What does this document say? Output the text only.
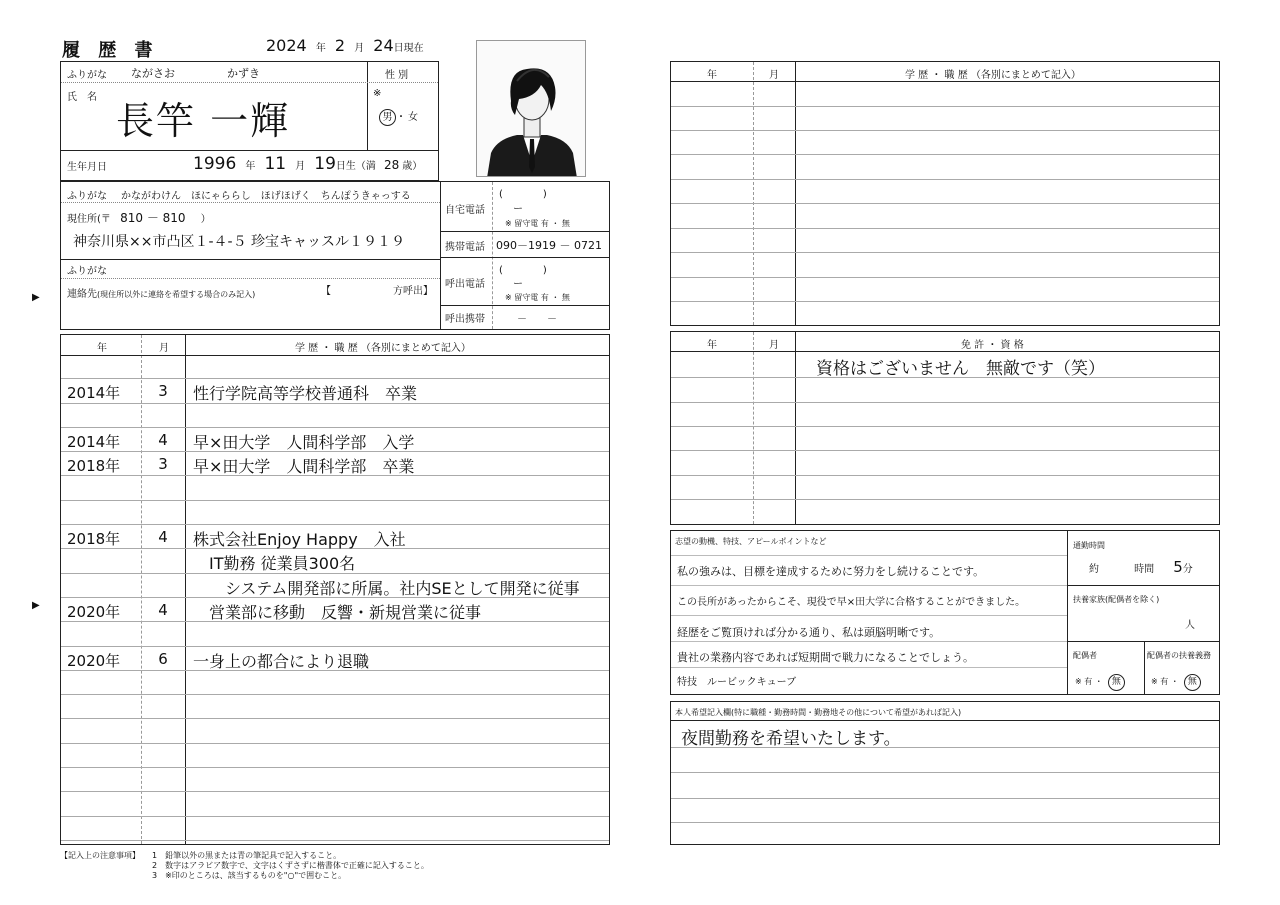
履 歴 書	2024 年 2 月 24日現在
ふりがな ながさお	かずき	性 別
氏　名
長竿 一輝
※
男 ・ 女
生年月日	1996 年 11 月 19日生（満 28 歳）
ふりがな かながわけん　ほにゃららし　ほげほげく　ちんぽうきゃっする
現住所(〒 810 － 810 ）
神奈川県××市凸区１-４-５ 珍宝キャッスル１９１９
ふりがな
連絡先(現住所以外に連絡を希望する場合のみ記入)	【	方呼出】
自宅電話
(　　　　)
ー
※ 留守電 有 ・ 無
携帯電話 090－1919 － 0721
呼出電話
(　　　　)
ー
※ 留守電 有 ・ 無
呼出携帯	－　　－
▶
▶
年	月	学 歴 ・ 職 歴 （各別にまとめて記入）
2014年	3	性行学院高等学校普通科　卒業
2014年	4	早×田大学　人間科学部　入学
2018年	3	早×田大学　人間科学部　卒業
2018年	4	株式会社Enjoy Happy　入社
　IT勤務 従業員300名
　　システム開発部に所属。社内SEとして開発に従事
2020年	4	　営業部に移動　反響・新規営業に従事
2020年	6	一身上の都合により退職
【記入上の注意事項】 1　鉛筆以外の黒または青の筆記具で記入すること。
2　数字はアラビア数字で、文字はくずさずに楷書体で正確に記入すること。
3　※印のところは、該当するものを"○"で囲むこと。
年	月	学 歴 ・ 職 歴 （各別にまとめて記入）
年	月	免 許 ・ 資 格
資格はございません　無敵です（笑）
志望の動機、特技、アピールポイントなど
私の強みは、目標を達成するために努力をし続けることです。
この長所があったからこそ、現役で早×田大学に合格することができました。
経歴をご覧頂ければ分かる通り、私は頭脳明晰です。
貴社の業務内容であれば短期間で戦力になることでしょう。
特技　ルービックキューブ
通勤時間
約	時間 5分
扶養家族(配偶者を除く)
人
配偶者
※ 有 ・ 無
配偶者の扶養義務
※ 有 ・ 無
本人希望記入欄(特に職種・勤務時間・勤務地その他について希望があれば記入)
夜間勤務を希望いたします。
